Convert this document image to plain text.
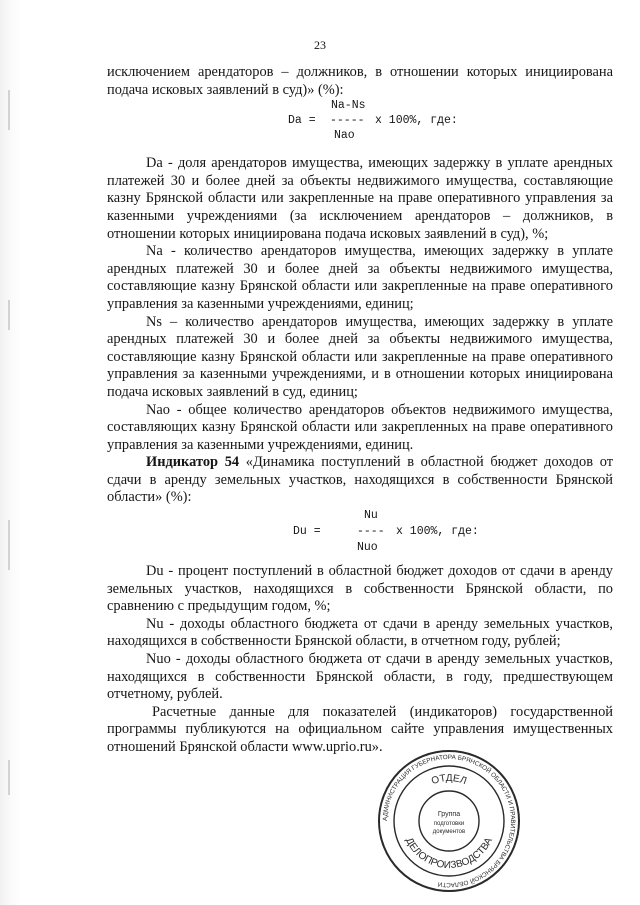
23

исключением арендаторов – должников, в отношении которых инициирована подача исковых заявлений в суд)» (%):

Na-Ns

Da =

-----

x 100%, где:

Nao

Da - доля арендаторов имущества, имеющих задержку в уплате арендных платежей 30 и более дней за объекты недвижимого имущества, составляющие казну Брянской области или закрепленные на праве оперативного управления за казенными учреждениями (за исключением арендаторов – должников, в отношении которых инициирована подача исковых заявлений в суд), %;

Na - количество арендаторов имущества, имеющих задержку в уплате арендных платежей 30 и более дней за объекты недвижимого имущества, составляющие казну Брянской области или закрепленные на праве оперативного управления за казенными учреждениями, единиц;

Ns – количество арендаторов имущества, имеющих задержку в уплате арендных платежей 30 и более дней за объекты недвижимого имущества, составляющие казну Брянской области или закрепленные на праве оперативного управления за казенными учреждениями, и в отношении которых инициирована подача исковых заявлений в суд, единиц;

Nao - общее количество арендаторов объектов недвижимого имущества, составляющих казну Брянской области или закрепленных на праве оперативного управления за казенными учреждениями, единиц.

Индикатор 54 «Динамика поступлений в областной бюджет доходов от сдачи в аренду земельных участков, находящихся в собственности Брянской области» (%):

Nu

Du =

	----

x 100%, где:

Nuo

Du - процент поступлений в областной бюджет доходов от сдачи в аренду земельных участков, находящихся в собственности Брянской области, по сравнению с предыдущим годом, %;

Nu - доходы областного бюджета от сдачи в аренду земельных участков, находящихся в собственности Брянской области, в отчетном году, рублей;

Nuo - доходы областного бюджета от сдачи в аренду земельных участков, находящихся в собственности Брянской области, в году, предшествующем отчетному, рублей.

Расчетные данные для показателей (индикаторов) государственной программы публикуются на официальном сайте управления имущественных отношений Брянской области www.uprio.ru».

АДМИНИСТРАЦИЯ ГУБЕРНАТОРА БРЯНСКОЙ ОБЛАСТИ И ПРАВИТЕЛЬСТВА БРЯНСКОЙ ОБЛАСТИ
ОТДЕЛ
ДЕЛОПРОИЗВОДСТВА
Группа
подготовки
документов
